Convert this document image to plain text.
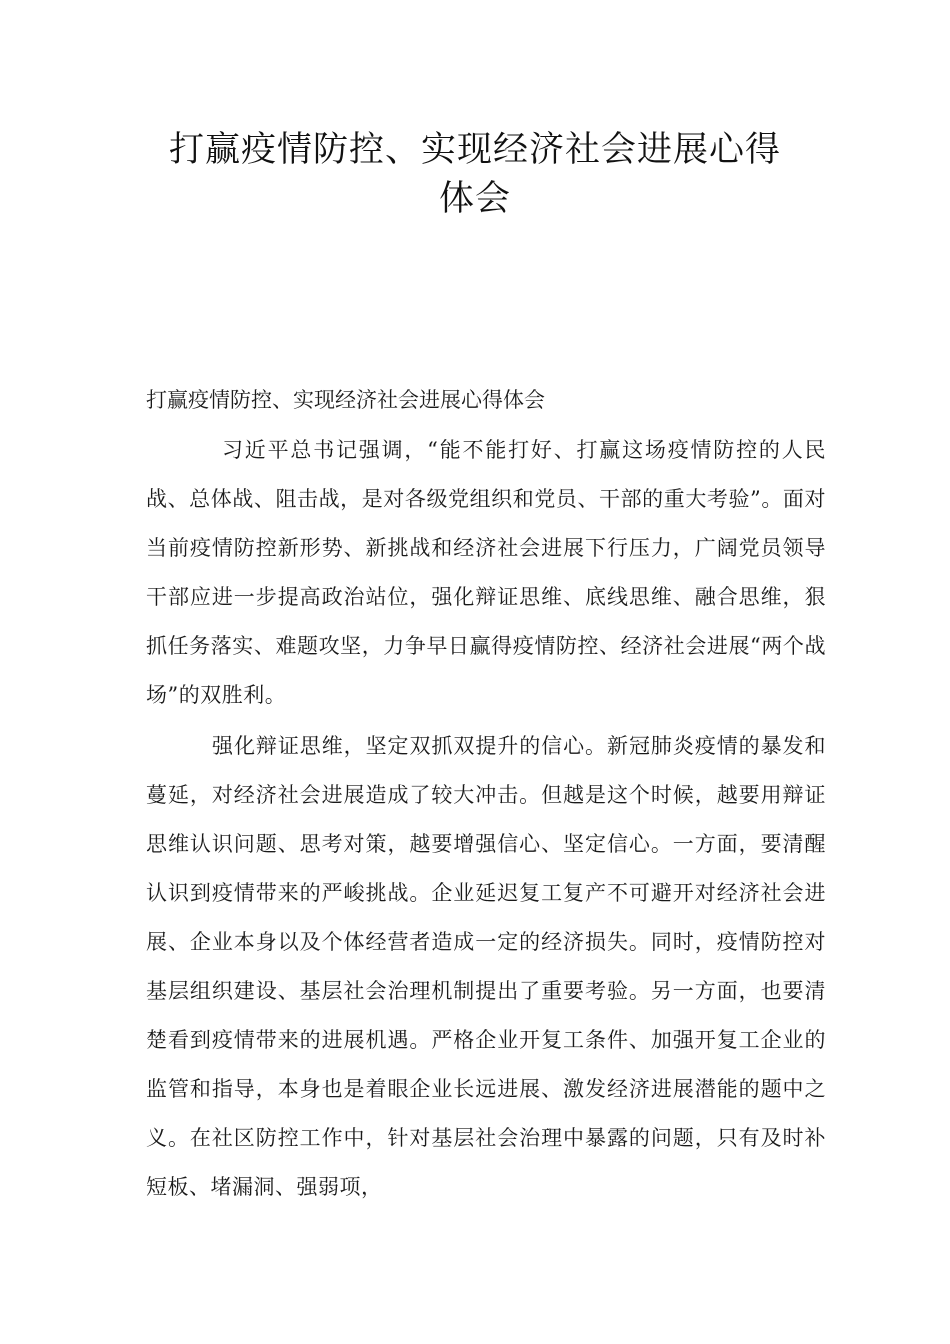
打赢疫情防控、实现经济社会进展心得
体会

打赢疫情防控、实现经济社会进展心得体会

习近平总书记强调，“能不能打好、打赢这场疫情防控的人民战、总体战、阻击战，是对各级党组织和党员、干部的重大考验”。面对当前疫情防控新形势、新挑战和经济社会进展下行压力，广阔党员领导干部应进一步提高政治站位，强化辩证思维、底线思维、融合思维，狠抓任务落实、难题攻坚，力争早日赢得疫情防控、经济社会进展“两个战场”的双胜利。

强化辩证思维，坚定双抓双提升的信心。新冠肺炎疫情的暴发和蔓延，对经济社会进展造成了较大冲击。但越是这个时候，越要用辩证思维认识问题、思考对策，越要增强信心、坚定信心。一方面，要清醒认识到疫情带来的严峻挑战。企业延迟复工复产不可避开对经济社会进展、企业本身以及个体经营者造成一定的经济损失。同时，疫情防控对基层组织建设、基层社会治理机制提出了重要考验。另一方面，也要清楚看到疫情带来的进展机遇。严格企业开复工条件、加强开复工企业的监管和指导，本身也是着眼企业长远进展、激发经济进展潜能的题中之义。在社区防控工作中，针对基层社会治理中暴露的问题，只有及时补短板、堵漏洞、强弱项，
